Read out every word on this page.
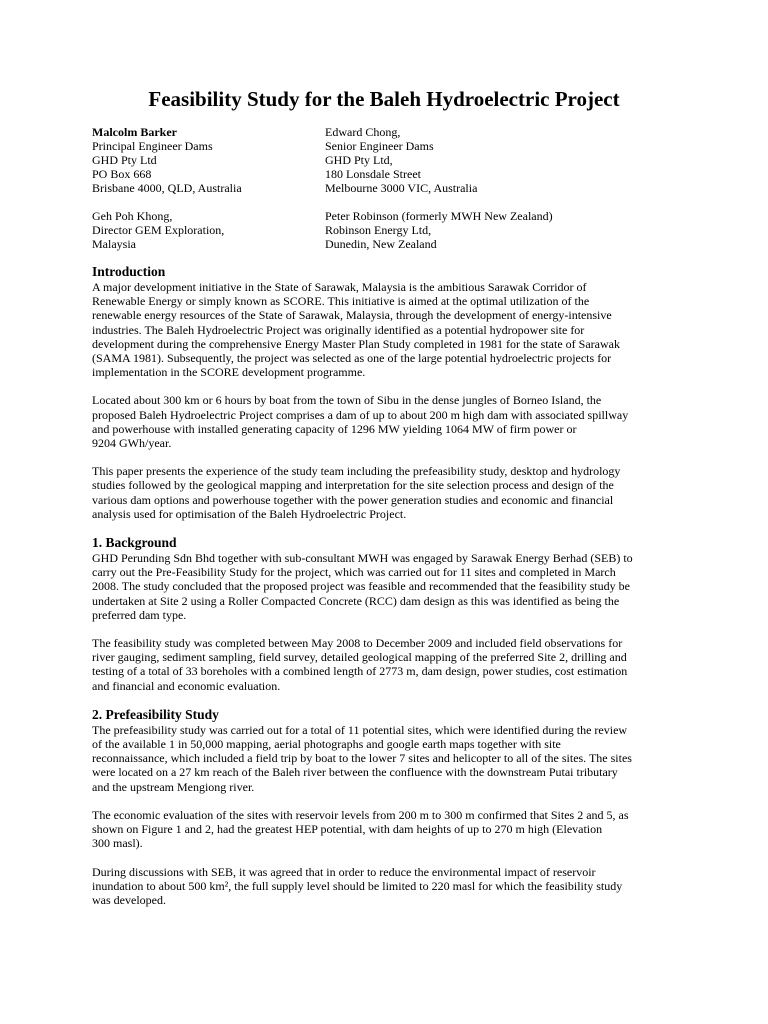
Feasibility Study for the Baleh Hydroelectric Project
Malcolm Barker
Principal Engineer Dams
GHD Pty Ltd
PO Box 668
Brisbane 4000, QLD, Australia
Edward Chong,
Senior Engineer Dams
GHD Pty Ltd,
180 Lonsdale Street
Melbourne 3000 VIC, Australia
Geh Poh Khong,
Director GEM Exploration,
Malaysia
Peter Robinson (formerly MWH New Zealand)
Robinson Energy Ltd,
Dunedin, New Zealand
Introduction

A major development initiative in the State of Sarawak, Malaysia is the ambitious Sarawak Corridor of
Renewable Energy or simply known as SCORE. This initiative is aimed at the optimal utilization of the
renewable energy resources of the State of Sarawak, Malaysia, through the development of energy-intensive
industries. The Baleh Hydroelectric Project was originally identified as a potential hydropower site for
development during the comprehensive Energy Master Plan Study completed in 1981 for the state of Sarawak
(SAMA 1981). Subsequently, the project was selected as one of the large potential hydroelectric projects for
implementation in the SCORE development programme.

Located about 300 km or 6 hours by boat from the town of Sibu in the dense jungles of Borneo Island, the
proposed Baleh Hydroelectric Project comprises a dam of up to about 200 m high dam with associated spillway
and powerhouse with installed generating capacity of 1296 MW yielding 1064 MW of firm power or
9204 GWh/year.

This paper presents the experience of the study team including the prefeasibility study, desktop and hydrology
studies followed by the geological mapping and interpretation for the site selection process and design of the
various dam options and powerhouse together with the power generation studies and economic and financial
analysis used for optimisation of the Baleh Hydroelectric Project.

1. Background

GHD Perunding Sdn Bhd together with sub-consultant MWH was engaged by Sarawak Energy Berhad (SEB) to
carry out the Pre-Feasibility Study for the project, which was carried out for 11 sites and completed in March
2008. The study concluded that the proposed project was feasible and recommended that the feasibility study be
undertaken at Site 2 using a Roller Compacted Concrete (RCC) dam design as this was identified as being the
preferred dam type.

The feasibility study was completed between May 2008 to December 2009 and included field observations for
river gauging, sediment sampling, field survey, detailed geological mapping of the preferred Site 2, drilling and
testing of a total of 33 boreholes with a combined length of 2773 m, dam design, power studies, cost estimation
and financial and economic evaluation.

2. Prefeasibility Study

The prefeasibility study was carried out for a total of 11 potential sites, which were identified during the review
of the available 1 in 50,000 mapping, aerial photographs and google earth maps together with site
reconnaissance, which included a field trip by boat to the lower 7 sites and helicopter to all of the sites. The sites
were located on a 27 km reach of the Baleh river between the confluence with the downstream Putai tributary
and the upstream Mengiong river.

The economic evaluation of the sites with reservoir levels from 200 m to 300 m confirmed that Sites 2 and 5, as
shown on Figure 1 and 2, had the greatest HEP potential, with dam heights of up to 270 m high (Elevation
300 masl).

During discussions with SEB, it was agreed that in order to reduce the environmental impact of reservoir
inundation to about 500 km², the full supply level should be limited to 220 masl for which the feasibility study
was developed.
